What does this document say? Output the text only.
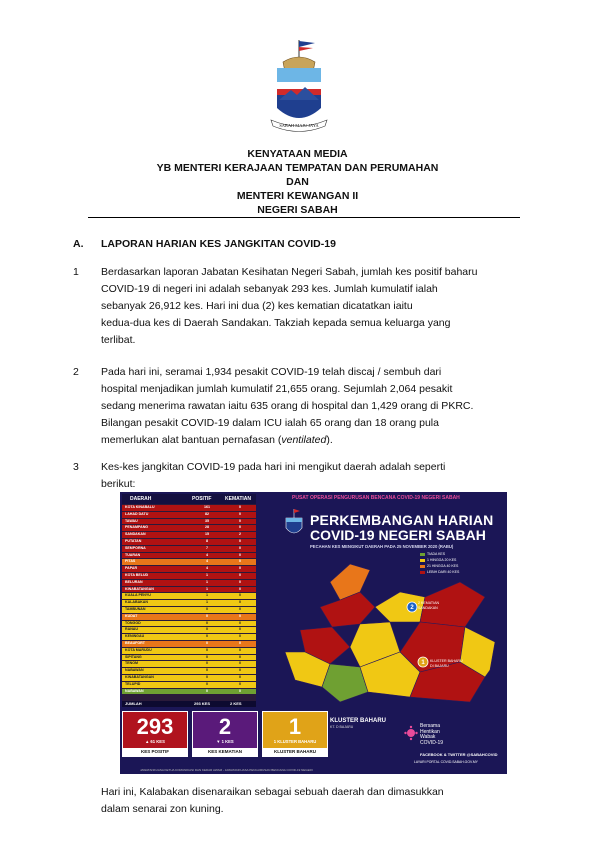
SABAH MAJU JAYA
KENYATAAN MEDIA
YB MENTERI KERAJAAN TEMPATAN DAN PERUMAHAN
DAN
MENTERI KEWANGAN II
NEGERI SABAH
A. LAPORAN HARIAN KES JANGKITAN COVID-19
1 Berdasarkan laporan Jabatan Kesihatan Negeri Sabah, jumlah kes positif baharu
COVID-19 di negeri ini adalah sebanyak 293 kes. Jumlah kumulatif ialah
sebanyak 26,912 kes. Hari ini dua (2) kes kematian dicatatkan iaitu
kedua-dua kes di Daerah Sandakan. Takziah kepada semua keluarga yang
terlibat.
2 Pada hari ini, seramai 1,934 pesakit COVID-19 telah discaj / sembuh dari
hospital menjadikan jumlah kumulatif 21,655 orang. Sejumlah 2,064 pesakit
sedang menerima rawatan iaitu 635 orang di hospital dan 1,429 orang di PKRC.
Bilangan pesakit COVID-19 dalam ICU ialah 65 orang dan 18 orang pula
memerlukan alat bantuan pernafasan (ventilated).
3 Kes-kes jangkitan COVID-19 pada hari ini mengikut daerah adalah seperti
berikut:
DAERAH	POSITIF	KEMATIAN
KOTA KINABALU	161	0
LAHAD DATU	82	0
TAWAU	35	0
PENAMPANG	28	0
SANDAKAN	15	2
PUTATAN	8	0
SEMPORNA	7	0
TUARAN	4	0
PITAS	4	0
PAPAR	4	0
KOTA BELUD	1	0
BELURAN	1	0
KINABATANGAN	1	0
KUALA PENYU	1	0
KALABAKAN	1	0
TAMBUNAN	0	0
KUDAT	0	0
TONGOD	0	0
RANAU	0	0
KENINGAU	0	0
BEAUFORT	0	0
KOTA MARUDU	0	0
SIPITANG	0	0
TENOM	0	0
NABAWAN	0	0
KINABATANGAN	0	0
TELUPID	0	0
NABAWAN	0	0
JUMLAH	293 KES	2 KES
PUSAT OPERASI PENGURUSAN BENCANA COVID-19 NEGERI SABAH
PERKEMBANGAN HARIAN
COVID-19 NEGERI SABAH
PECAHAN KES MENGIKUT DAERAH PADA 25 NOVEMBER 2020 (RABU)
TIADA KES
1 HINGGA 20 KES
21 HINGGA 40 KES
LEBIH DARI 40 KES
2
1
2 KEMATIAN
SANDAKAN
KLUSTER BAHARU
DI BAJARU
293
▲ 61 KES
KES POSITIF
2
▼ 1 KES
KES KEMATIAN
1
1 KLUSTER BAHARU
KLUSTER BAHARU
KLUSTER BAHARU
KT. D BAJARU	Bersama
Hentikan
Wabak
COVID-19
FACEBOOK & TWITTER @SABAHCOVID
LAYARI PORTAL COVID.SABAH.GOV.MY
JAWATANKUASA KETUA KOMUNIKASI DAN KEDAR AWAM - JAWATANKUASA PENGURUSAN BENCANA COVID-19 NEGERI
Hari ini, Kalabakan disenaraikan sebagai sebuah daerah dan dimasukkan
dalam senarai zon kuning.
